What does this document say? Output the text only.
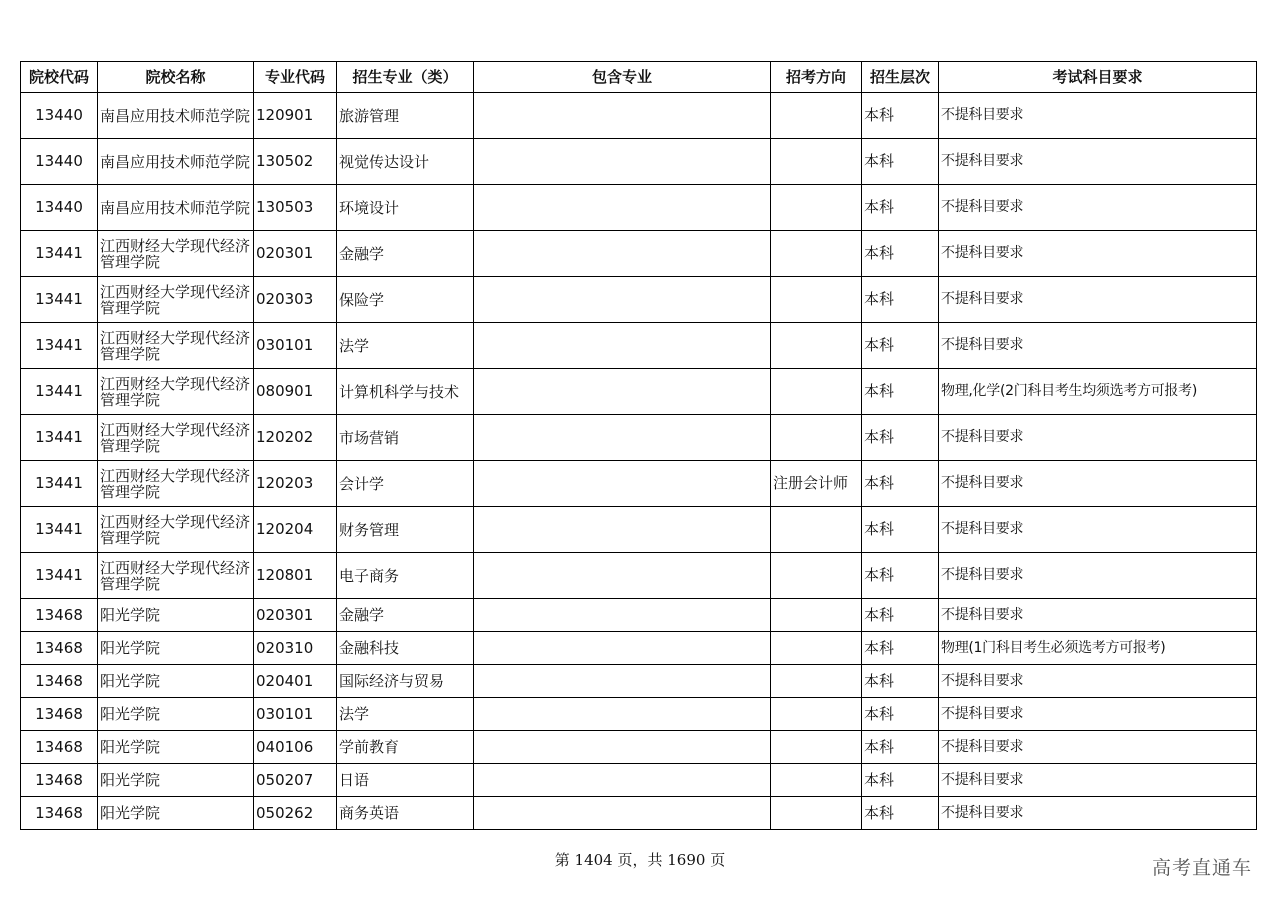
院校代码	院校名称	专业代码	招生专业（类）	包含专业	招考方向	招生层次	考试科目要求
13440	南昌应用技术师范学院	120901	旅游管理			本科	不提科目要求
13440	南昌应用技术师范学院	130502	视觉传达设计			本科	不提科目要求
13440	南昌应用技术师范学院	130503	环境设计			本科	不提科目要求
13441	江西财经大学现代经济管理学院	020301	金融学			本科	不提科目要求
13441	江西财经大学现代经济管理学院	020303	保险学			本科	不提科目要求
13441	江西财经大学现代经济管理学院	030101	法学			本科	不提科目要求
13441	江西财经大学现代经济管理学院	080901	计算机科学与技术			本科	物理,化学(2门科目考生均须选考方可报考)
13441	江西财经大学现代经济管理学院	120202	市场营销			本科	不提科目要求
13441	江西财经大学现代经济管理学院	120203	会计学		注册会计师	本科	不提科目要求
13441	江西财经大学现代经济管理学院	120204	财务管理			本科	不提科目要求
13441	江西财经大学现代经济管理学院	120801	电子商务			本科	不提科目要求
13468	阳光学院	020301	金融学			本科	不提科目要求
13468	阳光学院	020310	金融科技			本科	物理(1门科目考生必须选考方可报考)
13468	阳光学院	020401	国际经济与贸易			本科	不提科目要求
13468	阳光学院	030101	法学			本科	不提科目要求
13468	阳光学院	040106	学前教育			本科	不提科目要求
13468	阳光学院	050207	日语			本科	不提科目要求
13468	阳光学院	050262	商务英语			本科	不提科目要求
第 1404 页，共 1690 页	高考直通车
